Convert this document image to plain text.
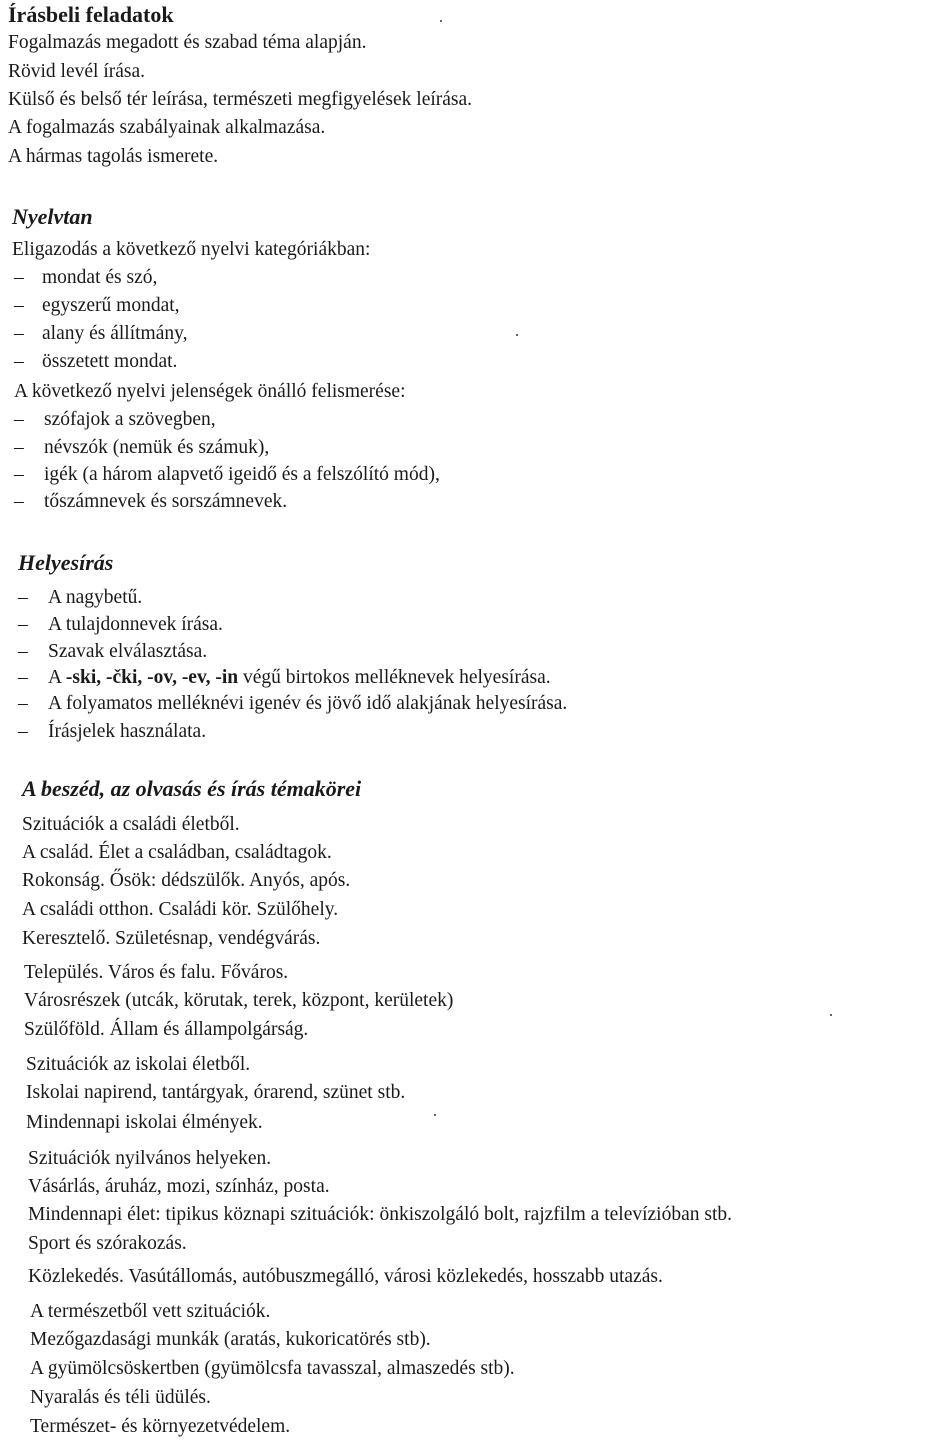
Írásbeli feladatok
Fogalmazás megadott és szabad téma alapján.
Rövid levél írása.
Külső és belső tér leírása, természeti megfigyelések leírása.
A fogalmazás szabályainak alkalmazása.
A hármas tagolás ismerete.
Nyelvtan
Eligazodás a következő nyelvi kategóriákban:
–mondat és szó,
–egyszerű mondat,
–alany és állítmány,
–összetett mondat.
A következő nyelvi jelenségek önálló felismerése:
–szófajok a szövegben,
–névszók (nemük és számuk),
–igék (a három alapvető igeidő és a felszólító mód),
–tőszámnevek és sorszámnevek.
Helyesírás
–A nagybetű.
–A tulajdonnevek írása.
–Szavak elválasztása.
–A -ski, -čki, -ov, -ev, -in végű birtokos melléknevek helyesírása.
–A folyamatos melléknévi igenév és jövő idő alakjának helyesírása.
–Írásjelek használata.
A beszéd, az olvasás és írás témakörei
Szituációk a családi életből.
A család. Élet a családban, családtagok.
Rokonság. Ősök: dédszülők. Anyós, após.
A családi otthon. Családi kör. Szülőhely.
Keresztelő. Születésnap, vendégvárás.
Település. Város és falu. Főváros.
Városrészek (utcák, körutak, terek, központ, kerületek)
Szülőföld. Állam és állampolgárság.
Szituációk az iskolai életből.
Iskolai napirend, tantárgyak, órarend, szünet stb.
Mindennapi iskolai élmények.
Szituációk nyilvános helyeken.
Vásárlás, áruház, mozi, színház, posta.
Mindennapi élet: tipikus köznapi szituációk: önkiszolgáló bolt, rajzfilm a televízióban stb.
Sport és szórakozás.
Közlekedés. Vasútállomás, autóbuszmegálló, városi közlekedés, hosszabb utazás.
A természetből vett szituációk.
Mezőgazdasági munkák (aratás, kukoricatörés stb).
A gyümölcsöskertben (gyümölcsfa tavasszal, almaszedés stb).
Nyaralás és téli üdülés.
Természet- és környezetvédelem.
